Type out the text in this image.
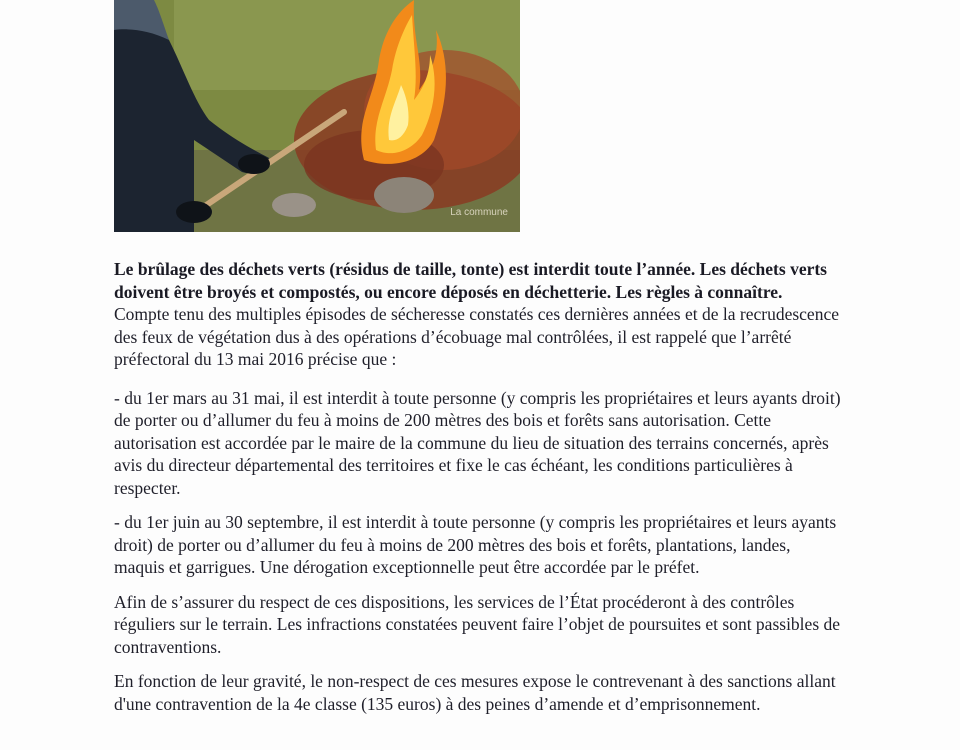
La commune

Le brûlage des déchets verts (résidus de taille, tonte) est interdit toute l’année. Les déchets verts doivent être broyés et compostés, ou encore déposés en déchetterie. Les règles à connaître.

Compte tenu des multiples épisodes de sécheresse constatés ces dernières années et de la recrudescence des feux de végétation dus à des opérations d’écobuage mal contrôlées, il est rappelé que l’arrêté préfectoral du 13 mai 2016 précise que :

- du 1er mars au 31 mai, il est interdit à toute personne (y compris les propriétaires et leurs ayants droit) de porter ou d’allumer du feu à moins de 200 mètres des bois et forêts sans autorisation. Cette autorisation est accordée par le maire de la commune du lieu de situation des terrains concernés, après avis du directeur départemental des territoires et fixe le cas échéant, les conditions particulières à respecter.

- du 1er juin au 30 septembre, il est interdit à toute personne (y compris les propriétaires et leurs ayants droit) de porter ou d’allumer du feu à moins de 200 mètres des bois et forêts, plantations, landes, maquis et garrigues. Une dérogation exceptionnelle peut être accordée par le préfet.

Afin de s’assurer du respect de ces dispositions, les services de l’État procéderont à des contrôles réguliers sur le terrain. Les infractions constatées peuvent faire l’objet de poursuites et sont passibles de contraventions.

En fonction de leur gravité, le non-respect de ces mesures expose le contrevenant à des sanctions allant d'une contravention de la 4e classe (135 euros) à des peines d’amende et d’emprisonnement.
